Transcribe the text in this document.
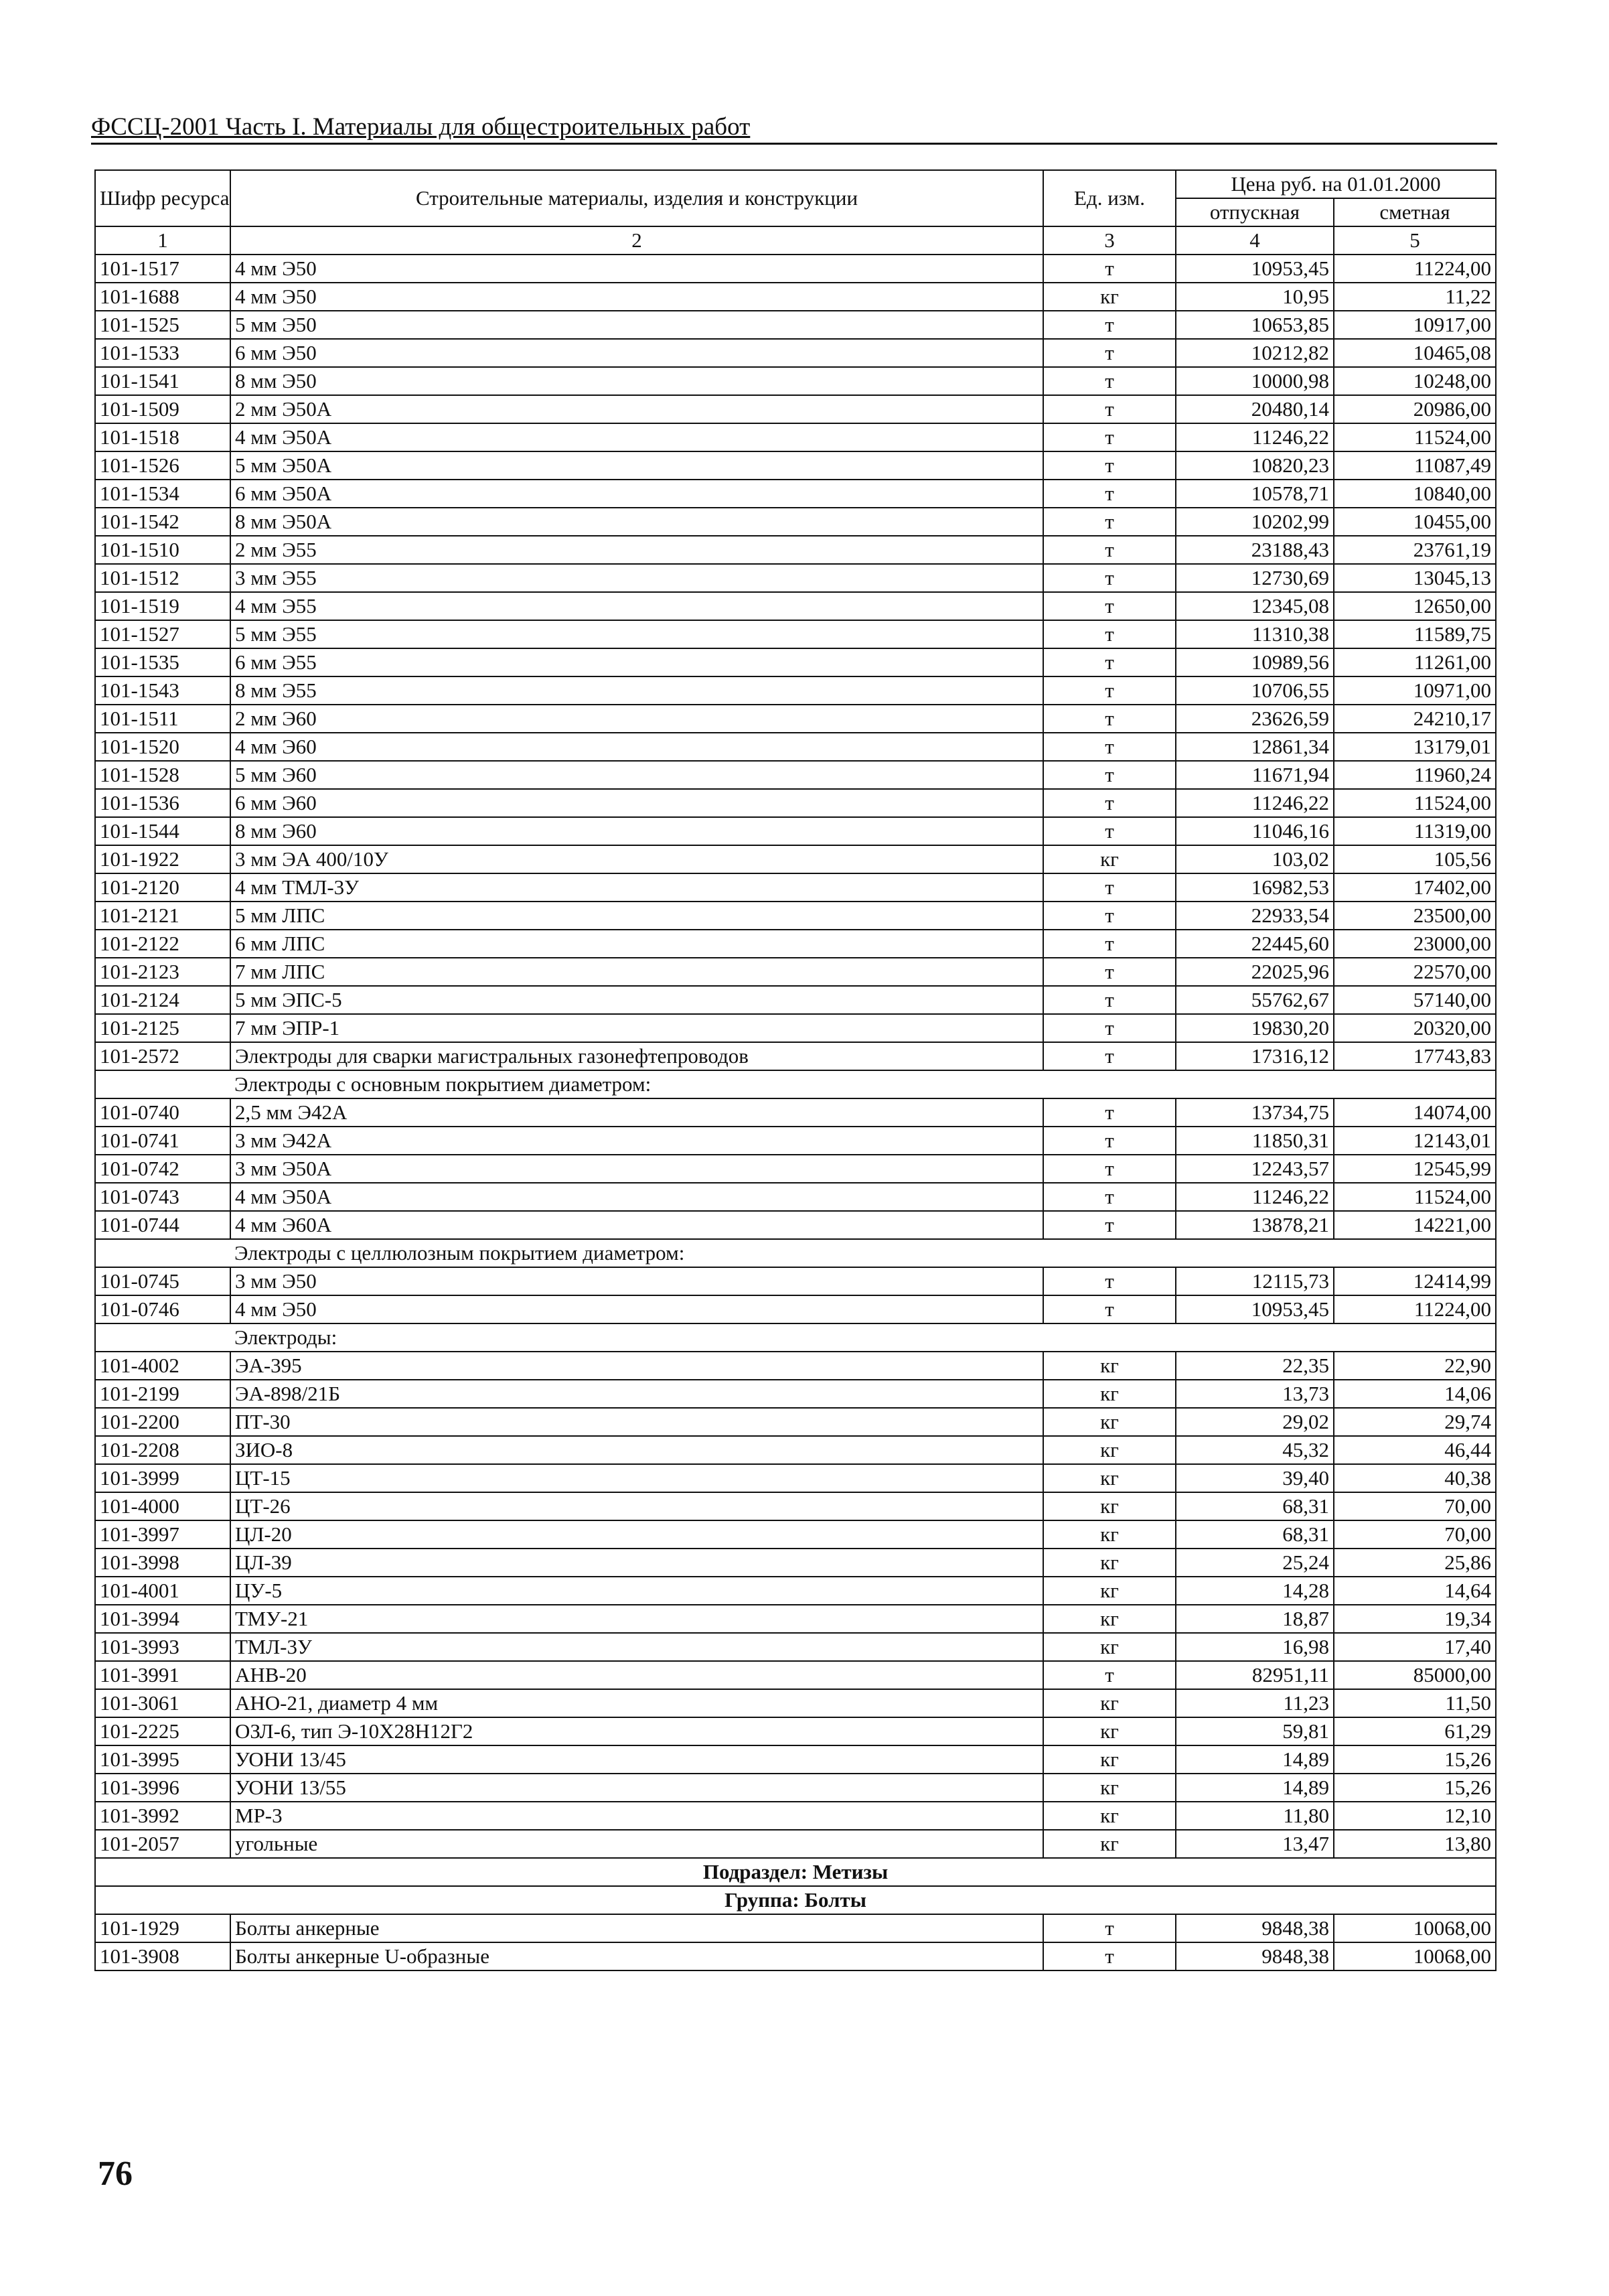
ФССЦ-2001 Часть I. Материалы для общестроительных работ
Шифр ресурса	Строительные материалы, изделия и конструкции	Ед. изм.	Цена руб. на 01.01.2000	
			отпускная	сметная
1	2	3	4	5
101-1517	4 мм Э50	т	10953,45	11224,00
101-1688	4 мм Э50	кг	10,95	11,22
101-1525	5 мм Э50	т	10653,85	10917,00
101-1533	6 мм Э50	т	10212,82	10465,08
101-1541	8 мм Э50	т	10000,98	10248,00
101-1509	2 мм Э50А	т	20480,14	20986,00
101-1518	4 мм Э50А	т	11246,22	11524,00
101-1526	5 мм Э50А	т	10820,23	11087,49
101-1534	6 мм Э50А	т	10578,71	10840,00
101-1542	8 мм Э50А	т	10202,99	10455,00
101-1510	2 мм Э55	т	23188,43	23761,19
101-1512	3 мм Э55	т	12730,69	13045,13
101-1519	4 мм Э55	т	12345,08	12650,00
101-1527	5 мм Э55	т	11310,38	11589,75
101-1535	6 мм Э55	т	10989,56	11261,00
101-1543	8 мм Э55	т	10706,55	10971,00
101-1511	2 мм Э60	т	23626,59	24210,17
101-1520	4 мм Э60	т	12861,34	13179,01
101-1528	5 мм Э60	т	11671,94	11960,24
101-1536	6 мм Э60	т	11246,22	11524,00
101-1544	8 мм Э60	т	11046,16	11319,00
101-1922	3 мм ЭА 400/10У	кг	103,02	105,56
101-2120	4 мм ТМЛ-3У	т	16982,53	17402,00
101-2121	5 мм ЛПС	т	22933,54	23500,00
101-2122	6 мм ЛПС	т	22445,60	23000,00
101-2123	7 мм ЛПС	т	22025,96	22570,00
101-2124	5 мм ЭПС-5	т	55762,67	57140,00
101-2125	7 мм ЭПР-1	т	19830,20	20320,00
101-2572	Электроды для сварки магистральных газонефтепроводов	т	17316,12	17743,83
	Электроды с основным покрытием диаметром:			
101-0740	2,5 мм Э42А	т	13734,75	14074,00
101-0741	3 мм Э42А	т	11850,31	12143,01
101-0742	3 мм Э50А	т	12243,57	12545,99
101-0743	4 мм Э50А	т	11246,22	11524,00
101-0744	4 мм Э60А	т	13878,21	14221,00
	Электроды с целлюлозным покрытием диаметром:			
101-0745	3 мм Э50	т	12115,73	12414,99
101-0746	4 мм Э50	т	10953,45	11224,00
	Электроды:			
101-4002	ЭА-395	кг	22,35	22,90
101-2199	ЭА-898/21Б	кг	13,73	14,06
101-2200	ПТ-30	кг	29,02	29,74
101-2208	ЗИО-8	кг	45,32	46,44
101-3999	ЦТ-15	кг	39,40	40,38
101-4000	ЦТ-26	кг	68,31	70,00
101-3997	ЦЛ-20	кг	68,31	70,00
101-3998	ЦЛ-39	кг	25,24	25,86
101-4001	ЦУ-5	кг	14,28	14,64
101-3994	ТМУ-21	кг	18,87	19,34
101-3993	ТМЛ-3У	кг	16,98	17,40
101-3991	АНВ-20	т	82951,11	85000,00
101-3061	АНО-21, диаметр 4 мм	кг	11,23	11,50
101-2225	ОЗЛ-6, тип Э-10Х28Н12Г2	кг	59,81	61,29
101-3995	УОНИ 13/45	кг	14,89	15,26
101-3996	УОНИ 13/55	кг	14,89	15,26
101-3992	МР-3	кг	11,80	12,10
101-2057	угольные	кг	13,47	13,80
Подраздел: Метизы				
Группа: Болты				
101-1929	Болты анкерные	т	9848,38	10068,00
101-3908	Болты анкерные U-образные	т	9848,38	10068,00
76
